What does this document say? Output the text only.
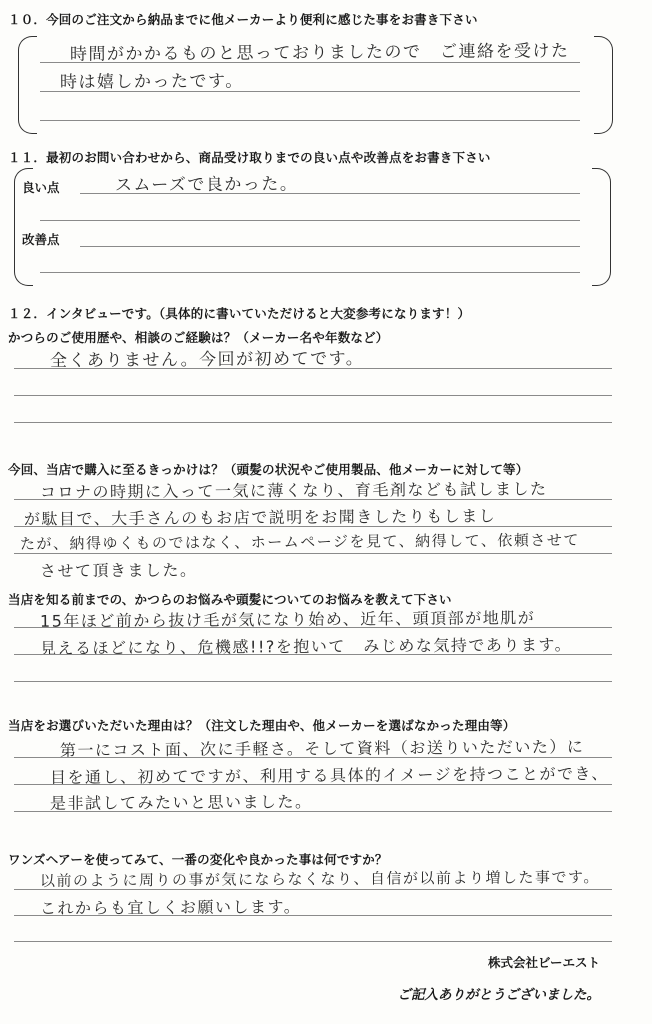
１０．今回のご注文から納品までに他メーカーより便利に感じた事をお書き下さい
時間がかかるものと思っておりましたので　ご連絡を受けた
時は嬉しかったです。
１１．最初のお問い合わせから、商品受け取りまでの良い点や改善点をお書き下さい
良い点	スムーズで良かった。
改善点
１２．インタビューです。（具体的に書いていただけると大変参考になります！）
かつらのご使用歴や、相談のご経験は？（メーカー名や年数など）
全くありません。今回が初めてです。
今回、当店で購入に至るきっかけは？（頭髪の状況やご使用製品、他メーカーに対して等）
コロナの時期に入って一気に薄くなり、育毛剤なども試しました
が駄目で、大手さんのもお店で説明をお聞きしたりもしまし
たが、納得ゆくものではなく、ホームページを見て、納得して、依頼させて
させて頂きました。
当店を知る前までの、かつらのお悩みや頭髪についてのお悩みを教えて下さい
15年ほど前から抜け毛が気になり始め、近年、頭頂部が地肌が
見えるほどになり、危機感!!?を抱いて　みじめな気持であります。
当店をお選びいただいた理由は？（注文した理由や、他メーカーを選ばなかった理由等）
第一にコスト面、次に手軽さ。そして資料（お送りいただいた）に
目を通し、初めてですが、利用する具体的イメージを持つことができ、
是非試してみたいと思いました。
ワンズヘアーを使ってみて、一番の変化や良かった事は何ですか？
以前のように周りの事が気にならなくなり、自信が以前より増した事です。
これからも宜しくお願いします。
株式会社ビーエスト
ご記入ありがとうございました。
